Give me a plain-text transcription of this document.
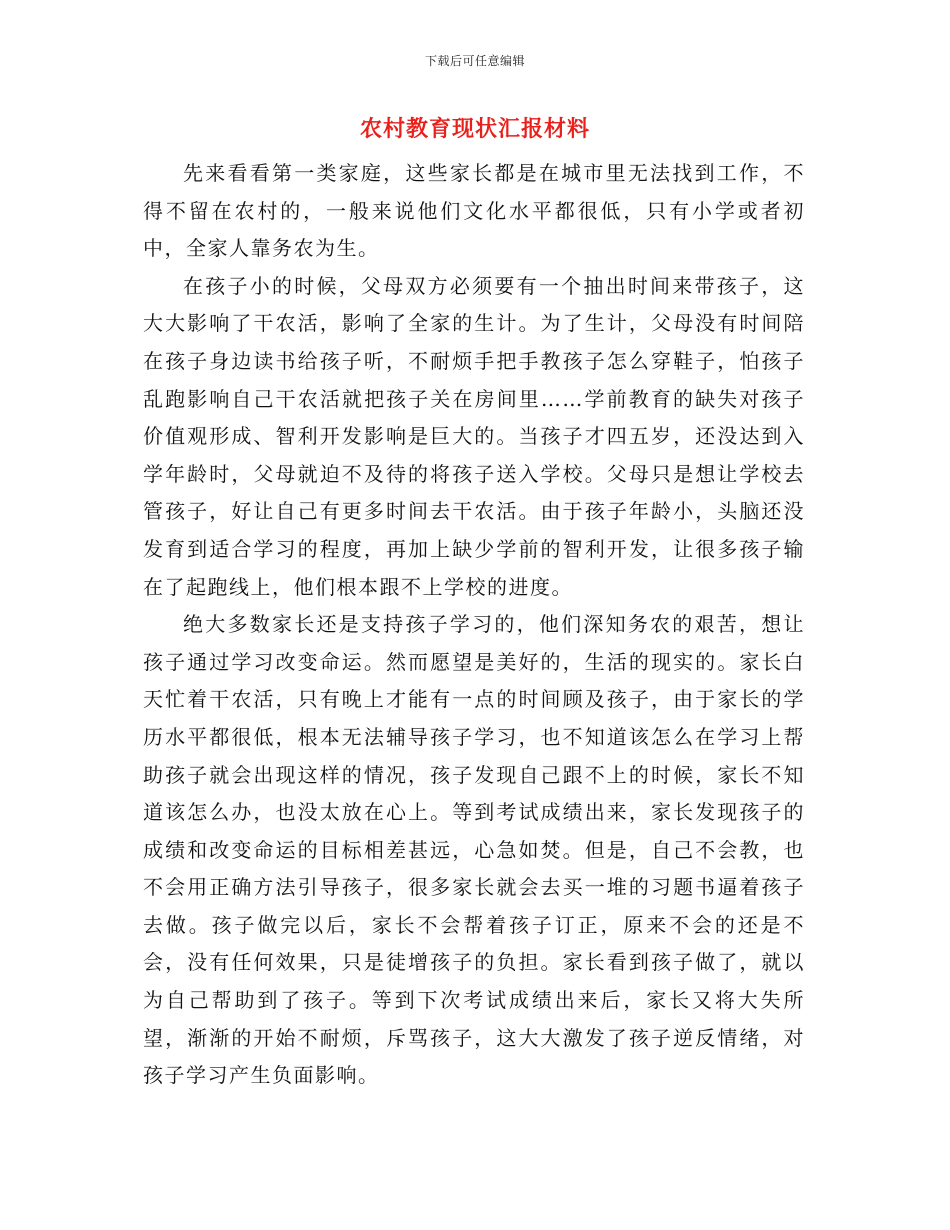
下载后可任意编辑
农村教育现状汇报材料

先来看看第一类家庭，这些家长都是在城市里无法找到工作，不得不留在农村的，一般来说他们文化水平都很低，只有小学或者初中，全家人靠务农为生。

在孩子小的时候，父母双方必须要有一个抽出时间来带孩子，这大大影响了干农活，影响了全家的生计。为了生计，父母没有时间陪在孩子身边读书给孩子听，不耐烦手把手教孩子怎么穿鞋子，怕孩子乱跑影响自己干农活就把孩子关在房间里……学前教育的缺失对孩子价值观形成、智利开发影响是巨大的。当孩子才四五岁，还没达到入学年龄时，父母就迫不及待的将孩子送入学校。父母只是想让学校去管孩子，好让自己有更多时间去干农活。由于孩子年龄小，头脑还没发育到适合学习的程度，再加上缺少学前的智利开发，让很多孩子输在了起跑线上，他们根本跟不上学校的进度。

绝大多数家长还是支持孩子学习的，他们深知务农的艰苦，想让孩子通过学习改变命运。然而愿望是美好的，生活的现实的。家长白天忙着干农活，只有晚上才能有一点的时间顾及孩子，由于家长的学历水平都很低，根本无法辅导孩子学习，也不知道该怎么在学习上帮助孩子就会出现这样的情况，孩子发现自己跟不上的时候，家长不知道该怎么办，也没太放在心上。等到考试成绩出来，家长发现孩子的成绩和改变命运的目标相差甚远，心急如焚。但是，自己不会教，也不会用正确方法引导孩子，很多家长就会去买一堆的习题书逼着孩子去做。孩子做完以后，家长不会帮着孩子订正，原来不会的还是不会，没有任何效果，只是徒增孩子的负担。家长看到孩子做了，就以为自己帮助到了孩子。等到下次考试成绩出来后，家长又将大失所望，渐渐的开始不耐烦，斥骂孩子，这大大激发了孩子逆反情绪，对孩子学习产生负面影响。
